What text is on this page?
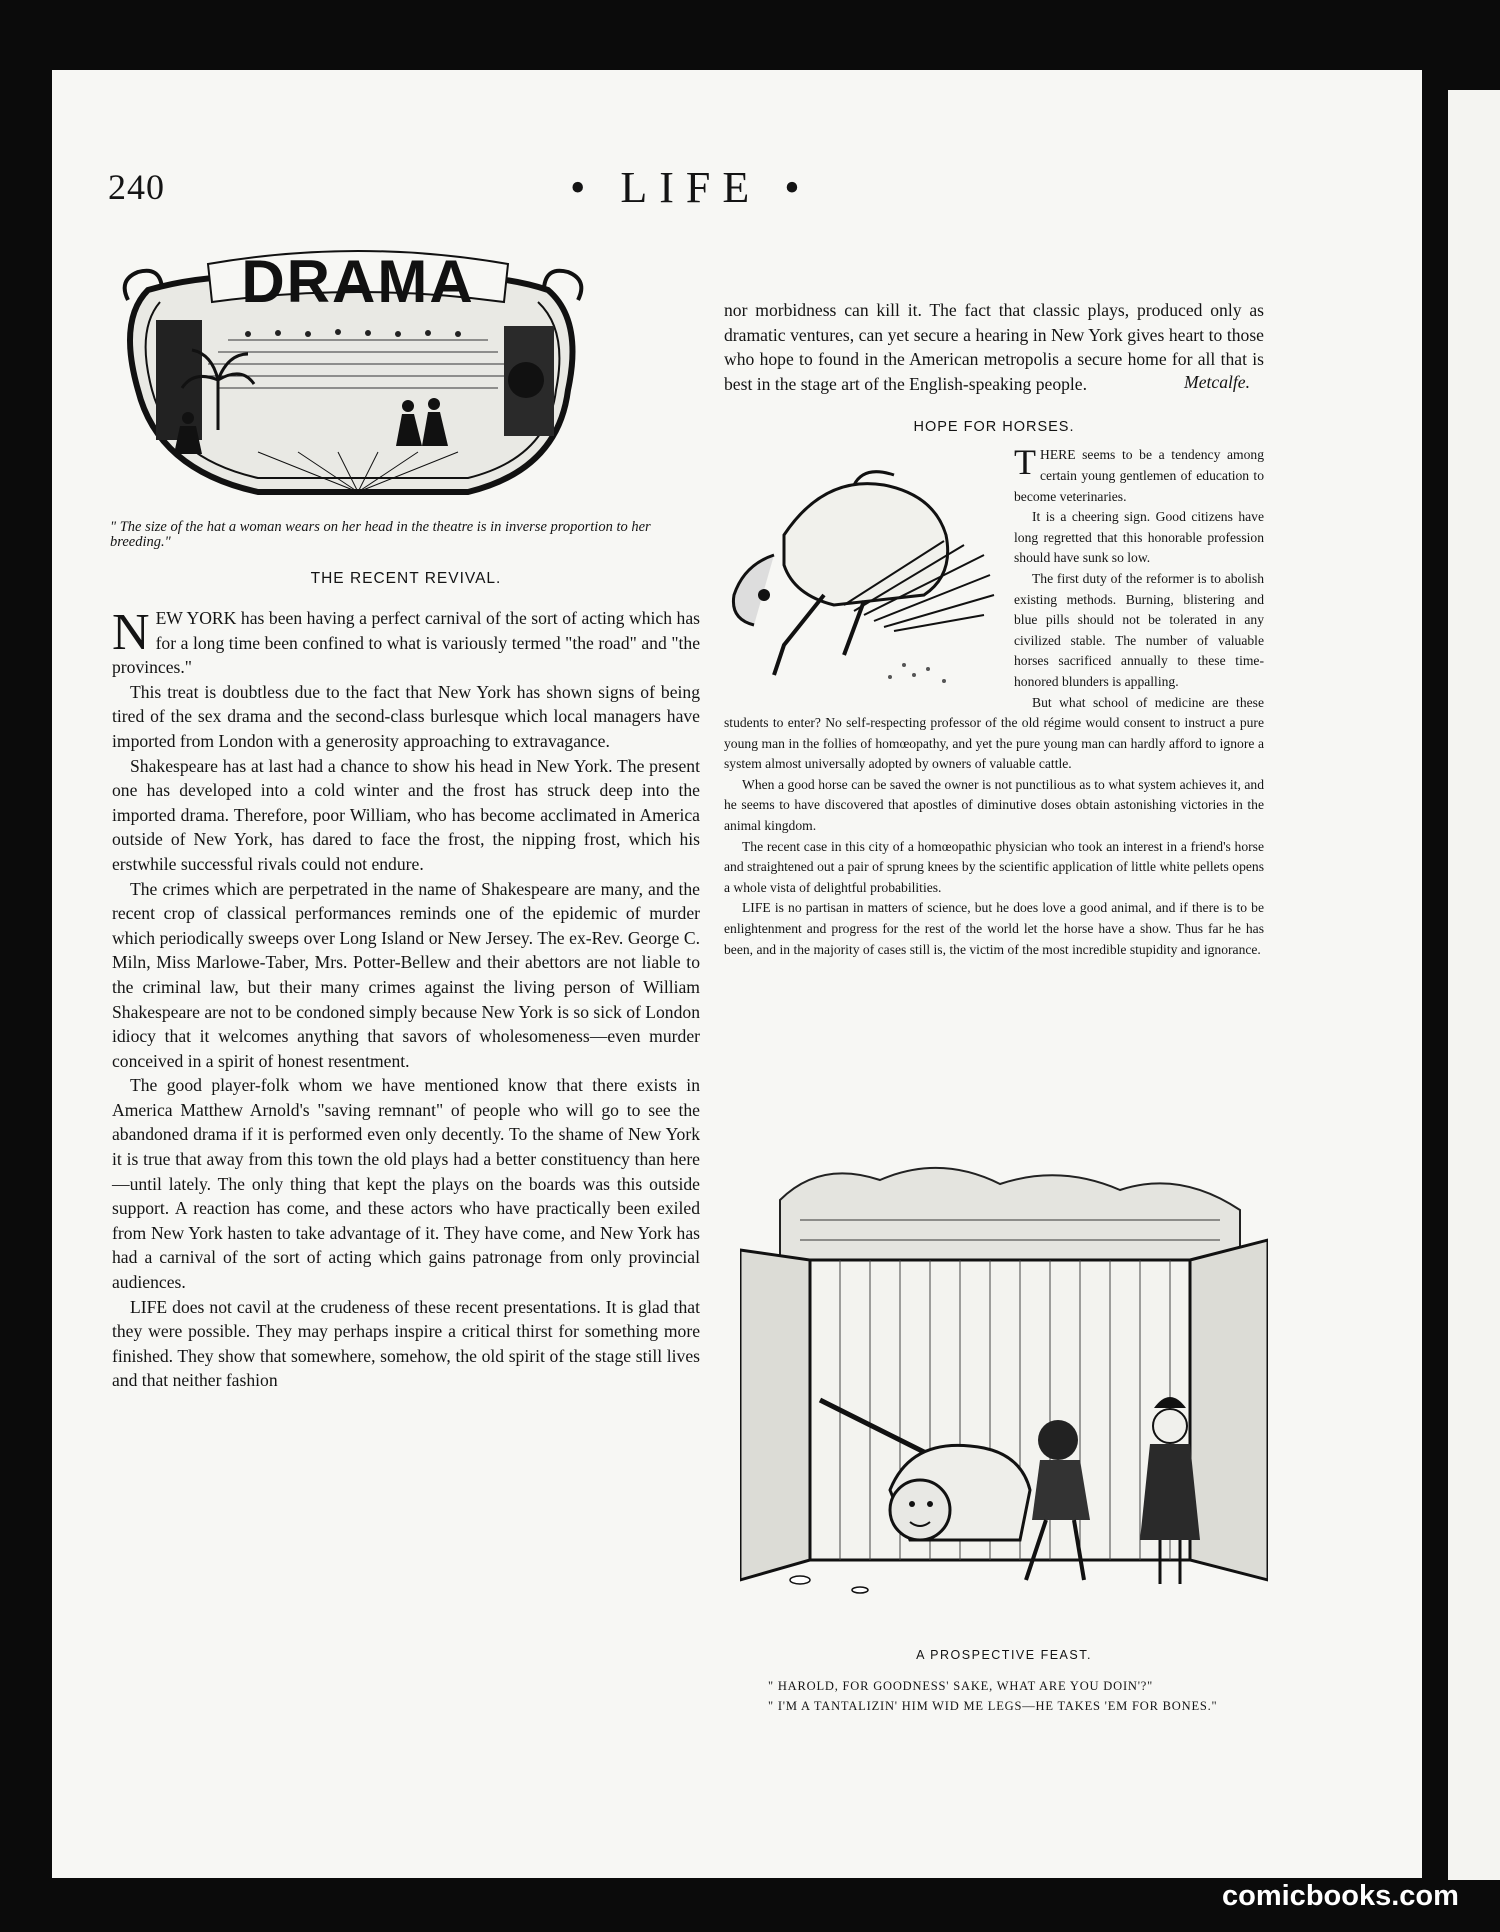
240	• LIFE •
DRAMA
" The size of the hat a woman wears on her head in the theatre is in inverse proportion to her breeding."
THE RECENT REVIVAL.

NEW YORK has been having a perfect carnival of the sort of acting which has for a long time been confined to what is variously termed "the road" and "the provinces."

This treat is doubtless due to the fact that New York has shown signs of being tired of the sex drama and the second-class burlesque which local managers have imported from London with a generosity approaching to extravagance.

Shakespeare has at last had a chance to show his head in New York. The present one has developed into a cold winter and the frost has struck deep into the imported drama. Therefore, poor William, who has become acclimated in America outside of New York, has dared to face the frost, the nipping frost, which his erstwhile successful rivals could not endure.

The crimes which are perpetrated in the name of Shakespeare are many, and the recent crop of classical performances reminds one of the epidemic of murder which periodically sweeps over Long Island or New Jersey. The ex-Rev. George C. Miln, Miss Marlowe-Taber, Mrs. Potter-Bellew and their abettors are not liable to the criminal law, but their many crimes against the living person of William Shakespeare are not to be condoned simply because New York is so sick of London idiocy that it welcomes anything that savors of wholesomeness—even murder conceived in a spirit of honest resentment.

The good player-folk whom we have mentioned know that there exists in America Matthew Arnold's "saving remnant" of people who will go to see the abandoned drama if it is performed even only decently. To the shame of New York it is true that away from this town the old plays had a better constituency than here—until lately. The only thing that kept the plays on the boards was this outside support. A reaction has come, and these actors who have practically been exiled from New York hasten to take advantage of it. They have come, and New York has had a carnival of the sort of acting which gains patronage from only provincial audiences.

LIFE does not cavil at the crudeness of these recent presentations. It is glad that they were possible. They may perhaps inspire a critical thirst for something more finished. They show that somewhere, somehow, the old spirit of the stage still lives and that neither fashion

nor morbidness can kill it. The fact that classic plays, produced only as dramatic ventures, can yet secure a hearing in New York gives heart to those who hope to found in the American metropolis a secure home for all that is best in the stage art of the English-speaking people.	Metcalfe.
HOPE FOR HORSES.

THERE seems to be a tendency among certain young gentlemen of education to become veterinaries.

It is a cheering sign. Good citizens have long regretted that this honorable profession should have sunk so low.

The first duty of the reformer is to abolish existing methods. Burning, blistering and blue pills should not be tolerated in any civilized stable. The number of valuable horses sacrificed annually to these time-honored blunders is appalling.

But what school of medicine are these students to enter? No self-respecting professor of the old régime would consent to instruct a pure young man in the follies of homœopathy, and yet the pure young man can hardly afford to ignore a system almost universally adopted by owners of valuable cattle.

When a good horse can be saved the owner is not punctilious as to what system achieves it, and he seems to have discovered that apostles of diminutive doses obtain astonishing victories in the animal kingdom.

The recent case in this city of a homœopathic physician who took an interest in a friend's horse and straightened out a pair of sprung knees by the scientific application of little white pellets opens a whole vista of delightful probabilities.

LIFE is no partisan in matters of science, but he does love a good animal, and if there is to be enlightenment and progress for the rest of the world let the horse have a show. Thus far he has been, and in the majority of cases still is, the victim of the most incredible stupidity and ignorance.

A PROSPECTIVE FEAST.
" HAROLD, FOR GOODNESS' SAKE, WHAT ARE YOU DOIN'?"
" I'M A TANTALIZIN' HIM WID ME LEGS—HE TAKES 'EM FOR BONES."
comicbooks.com
